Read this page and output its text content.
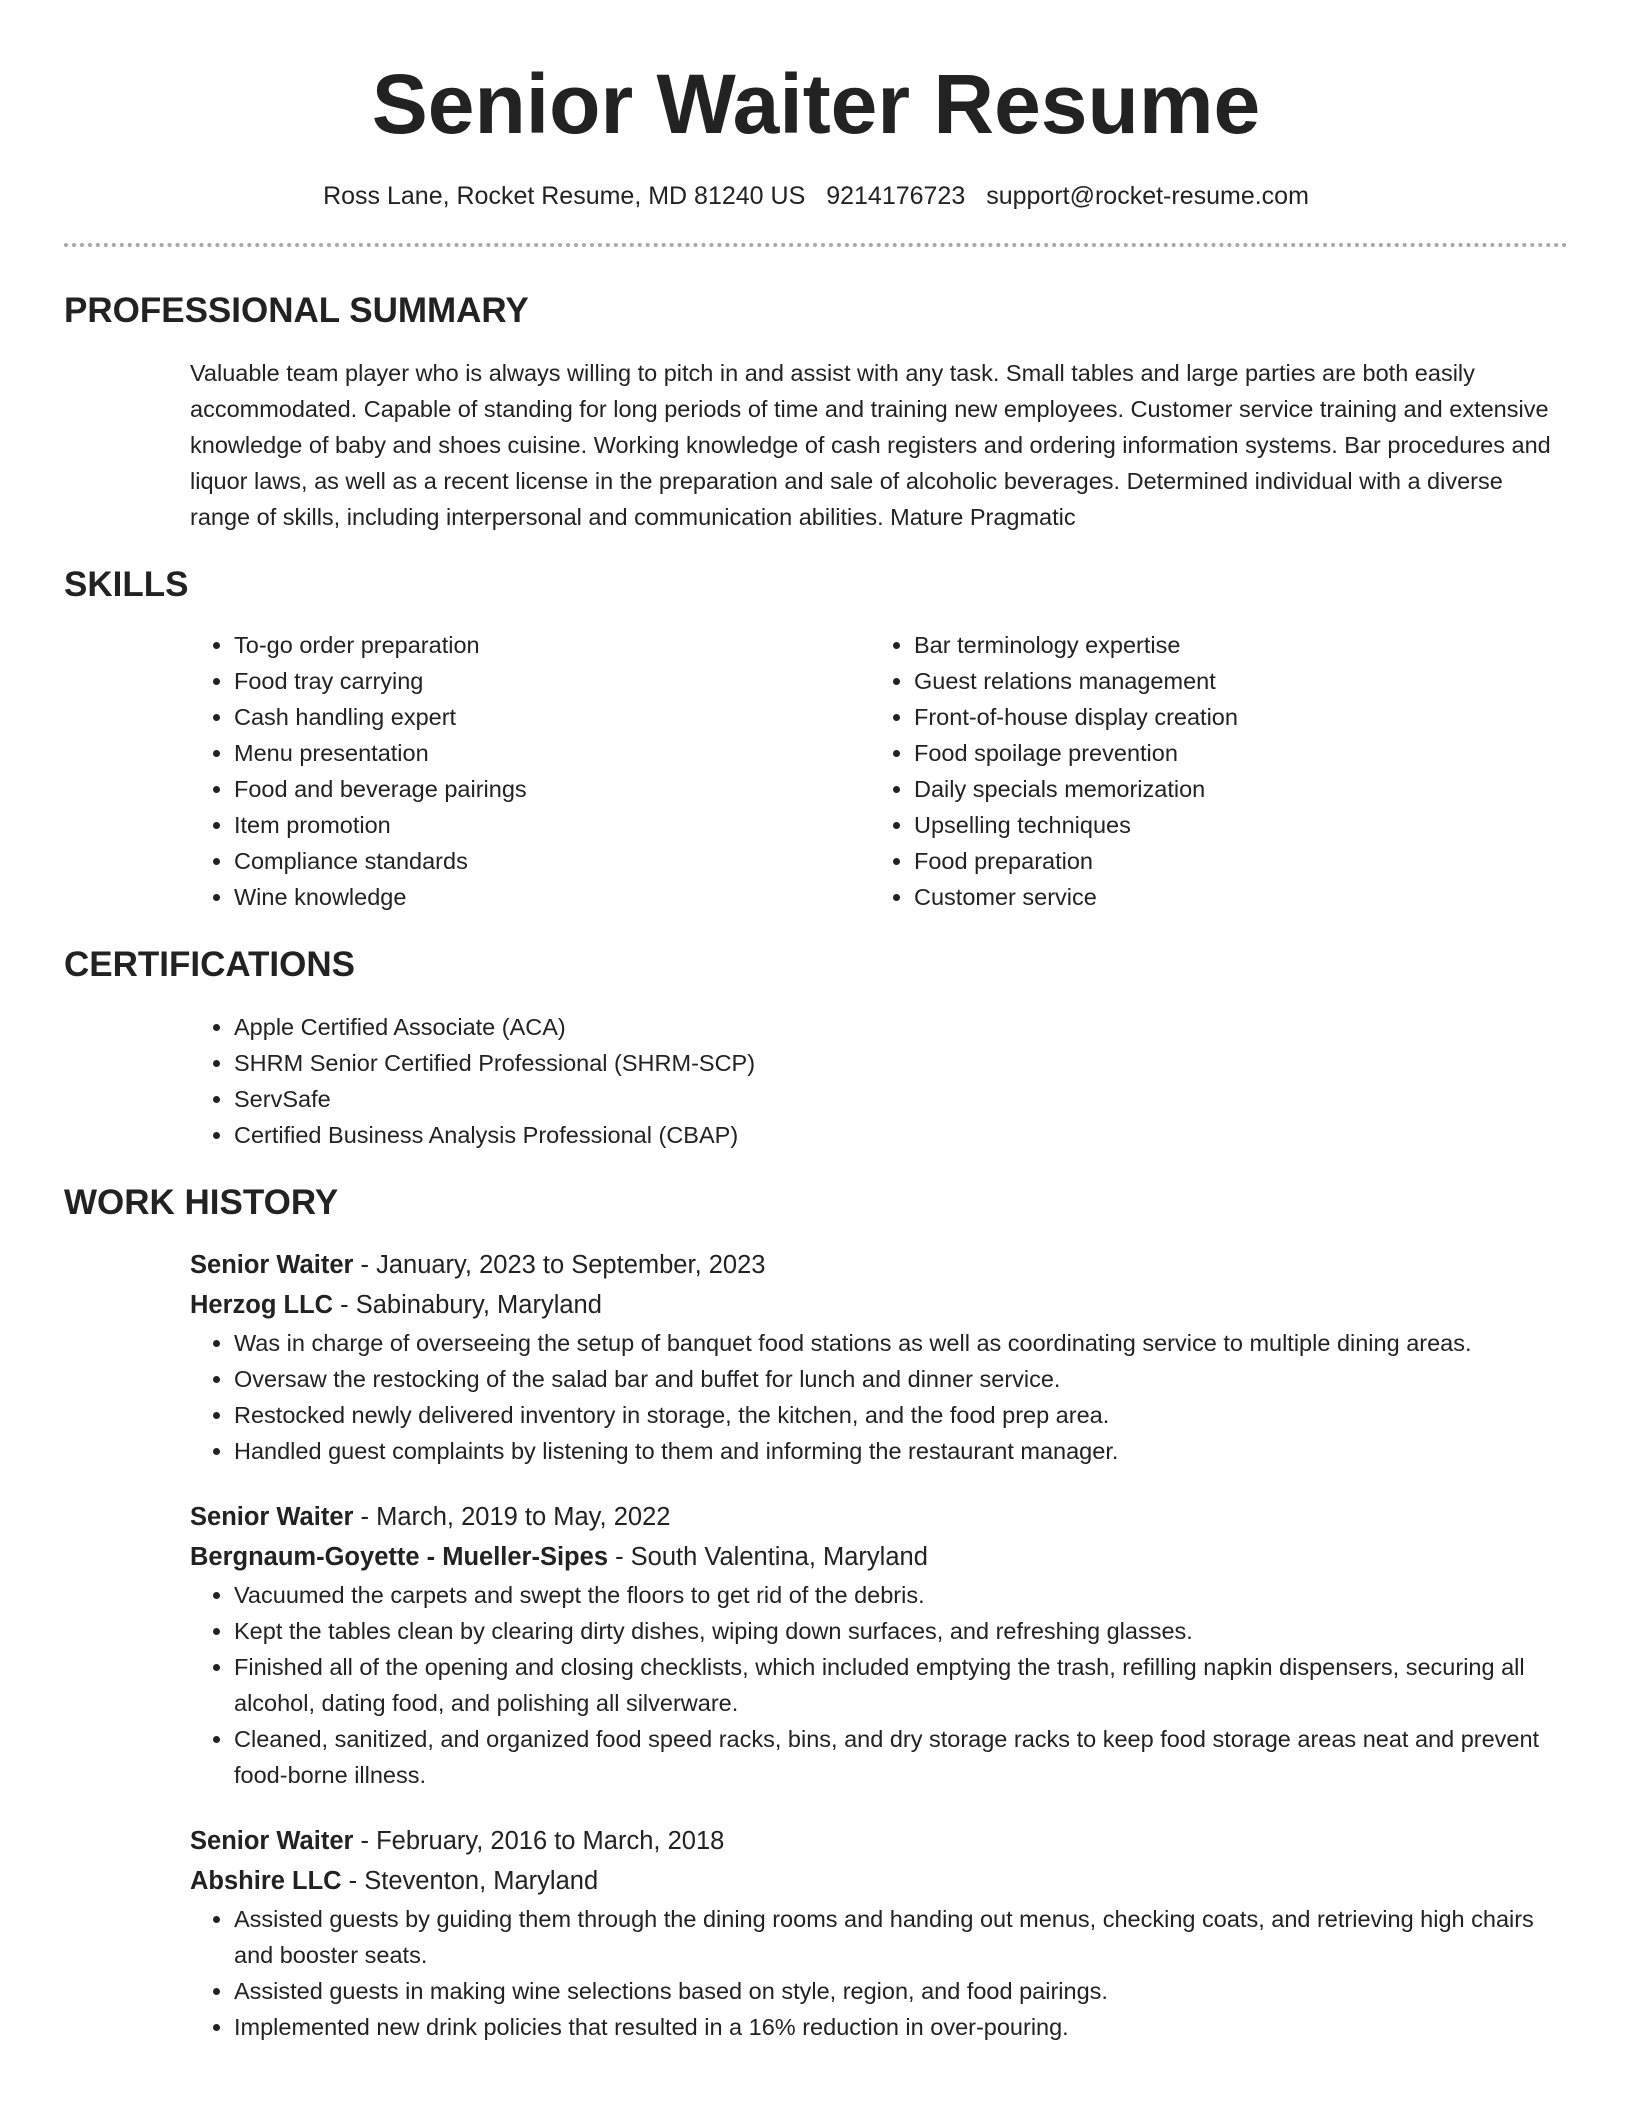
Senior Waiter Resume
Ross Lane, Rocket Resume, MD 81240 US 9214176723 support@rocket-resume.com
PROFESSIONAL SUMMARY
Valuable team player who is always willing to pitch in and assist with any task. Small tables and large parties are both easily accommodated. Capable of standing for long periods of time and training new employees. Customer service training and extensive knowledge of baby and shoes cuisine. Working knowledge of cash registers and ordering information systems. Bar procedures and liquor laws, as well as a recent license in the preparation and sale of alcoholic beverages. Determined individual with a diverse range of skills, including interpersonal and communication abilities. Mature Pragmatic
SKILLS
• To-go order preparation
• Food tray carrying
• Cash handling expert
• Menu presentation
• Food and beverage pairings
• Item promotion
• Compliance standards
• Wine knowledge
• Bar terminology expertise
• Guest relations management
• Front-of-house display creation
• Food spoilage prevention
• Daily specials memorization
• Upselling techniques
• Food preparation
• Customer service
CERTIFICATIONS
• Apple Certified Associate (ACA)
• SHRM Senior Certified Professional (SHRM-SCP)
• ServSafe
• Certified Business Analysis Professional (CBAP)
WORK HISTORY
Senior Waiter - January, 2023 to September, 2023
Herzog LLC - Sabinabury, Maryland
• Was in charge of overseeing the setup of banquet food stations as well as coordinating service to multiple dining areas.
• Oversaw the restocking of the salad bar and buffet for lunch and dinner service.
• Restocked newly delivered inventory in storage, the kitchen, and the food prep area.
• Handled guest complaints by listening to them and informing the restaurant manager.
Senior Waiter - March, 2019 to May, 2022
Bergnaum-Goyette - Mueller-Sipes - South Valentina, Maryland
• Vacuumed the carpets and swept the floors to get rid of the debris.
• Kept the tables clean by clearing dirty dishes, wiping down surfaces, and refreshing glasses.
• Finished all of the opening and closing checklists, which included emptying the trash, refilling napkin dispensers, securing all alcohol, dating food, and polishing all silverware.
• Cleaned, sanitized, and organized food speed racks, bins, and dry storage racks to keep food storage areas neat and prevent food-borne illness.
Senior Waiter - February, 2016 to March, 2018
Abshire LLC - Steventon, Maryland
• Assisted guests by guiding them through the dining rooms and handing out menus, checking coats, and retrieving high chairs and booster seats.
• Assisted guests in making wine selections based on style, region, and food pairings.
• Implemented new drink policies that resulted in a 16% reduction in over-pouring.
